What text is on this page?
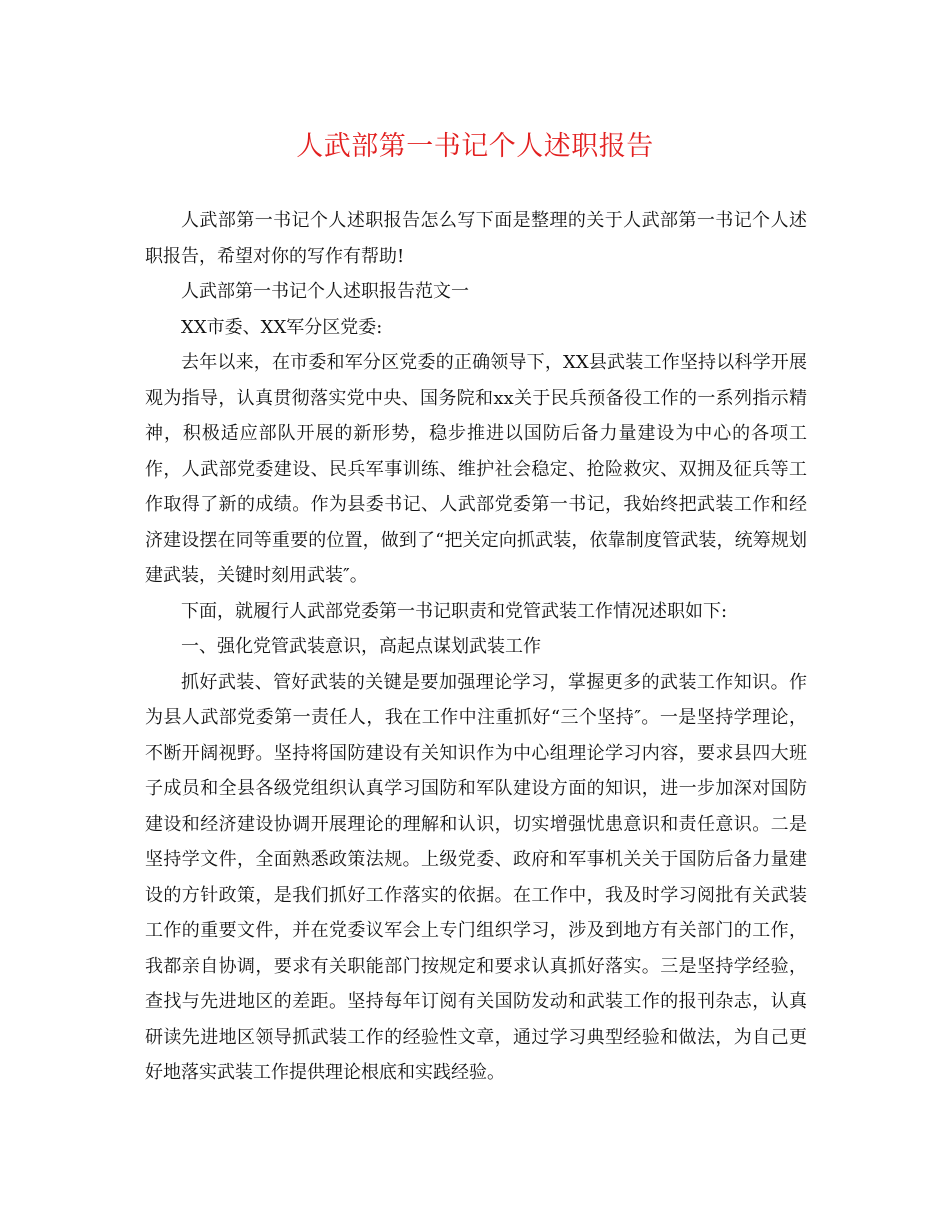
人武部第一书记个人述职报告

人武部第一书记个人述职报告怎么写下面是整理的关于人武部第一书记个人述职报告，希望对你的写作有帮助!

人武部第一书记个人述职报告范文一

XX市委、XX军分区党委:

去年以来，在市委和军分区党委的正确领导下，XX县武装工作坚持以科学开展观为指导，认真贯彻落实党中央、国务院和xx关于民兵预备役工作的一系列指示精神，积极适应部队开展的新形势，稳步推进以国防后备力量建设为中心的各项工作，人武部党委建设、民兵军事训练、维护社会稳定、抢险救灾、双拥及征兵等工作取得了新的成绩。作为县委书记、人武部党委第一书记，我始终把武装工作和经济建设摆在同等重要的位置，做到了“把关定向抓武装，依靠制度管武装，统筹规划建武装，关键时刻用武装″。

下面，就履行人武部党委第一书记职责和党管武装工作情况述职如下:

一、强化党管武装意识，高起点谋划武装工作

抓好武装、管好武装的关键是要加强理论学习，掌握更多的武装工作知识。作为县人武部党委第一责任人，我在工作中注重抓好“三个坚持″。一是坚持学理论，不断开阔视野。坚持将国防建设有关知识作为中心组理论学习内容，要求县四大班子成员和全县各级党组织认真学习国防和军队建设方面的知识，进一步加深对国防建设和经济建设协调开展理论的理解和认识，切实增强忧患意识和责任意识。二是坚持学文件，全面熟悉政策法规。上级党委、政府和军事机关关于国防后备力量建设的方针政策，是我们抓好工作落实的依据。在工作中，我及时学习阅批有关武装工作的重要文件，并在党委议军会上专门组织学习，涉及到地方有关部门的工作，我都亲自协调，要求有关职能部门按规定和要求认真抓好落实。三是坚持学经验，查找与先进地区的差距。坚持每年订阅有关国防发动和武装工作的报刊杂志，认真研读先进地区领导抓武装工作的经验性文章，通过学习典型经验和做法，为自己更好地落实武装工作提供理论根底和实践经验。
